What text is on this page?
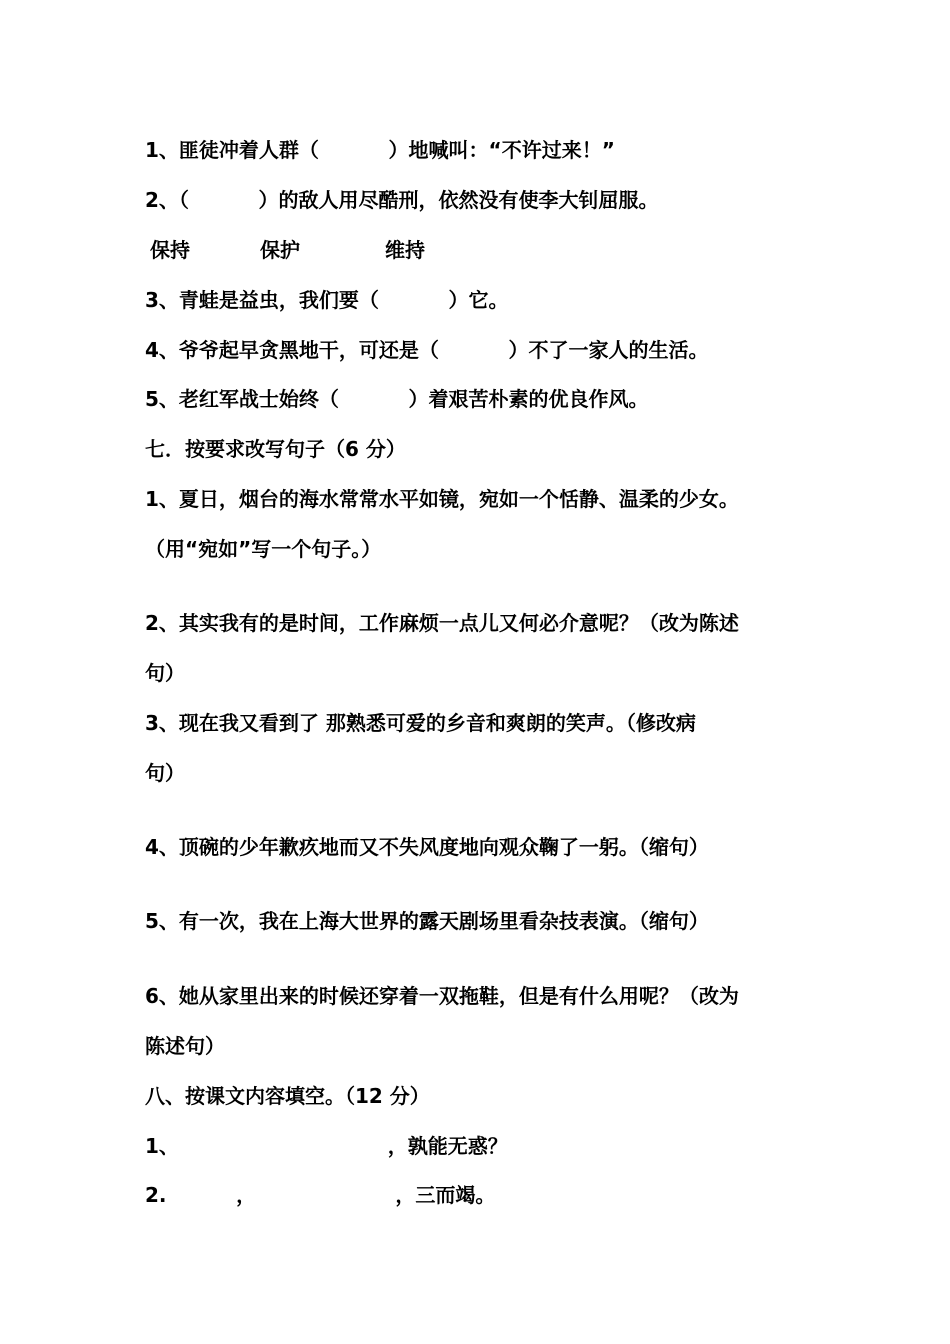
1、匪徒冲着人群（          ）地喊叫：“不许过来！”
2、（          ）的敌人用尽酷刑，依然没有使李大钊屈服。
保持	保护	维持
3、青蛙是益虫，我们要（          ）它。
4、爷爷起早贪黑地干，可还是（          ）不了一家人的生活。
5、老红军战士始终（          ）着艰苦朴素的优良作风。
七．按要求改写句子（6 分）
1、夏日，烟台的海水常常水平如镜，宛如一个恬静、温柔的少女。
（用“宛如”写一个句子。）
2、其实我有的是时间，工作麻烦一点儿又何必介意呢？（改为陈述
句）
3、现在我又看到了 那熟悉可爱的乡音和爽朗的笑声。（修改病
句）
4、顶碗的少年歉疚地而又不失风度地向观众鞠了一躬。（缩句）
5、有一次，我在上海大世界的露天剧场里看杂技表演。（缩句）
6、她从家里出来的时候还穿着一双拖鞋，但是有什么用呢？（改为
陈述句）
八、按课文内容填空。（12 分）
1、                              ，孰能无惑？
2.          ，                    ，三而竭。
